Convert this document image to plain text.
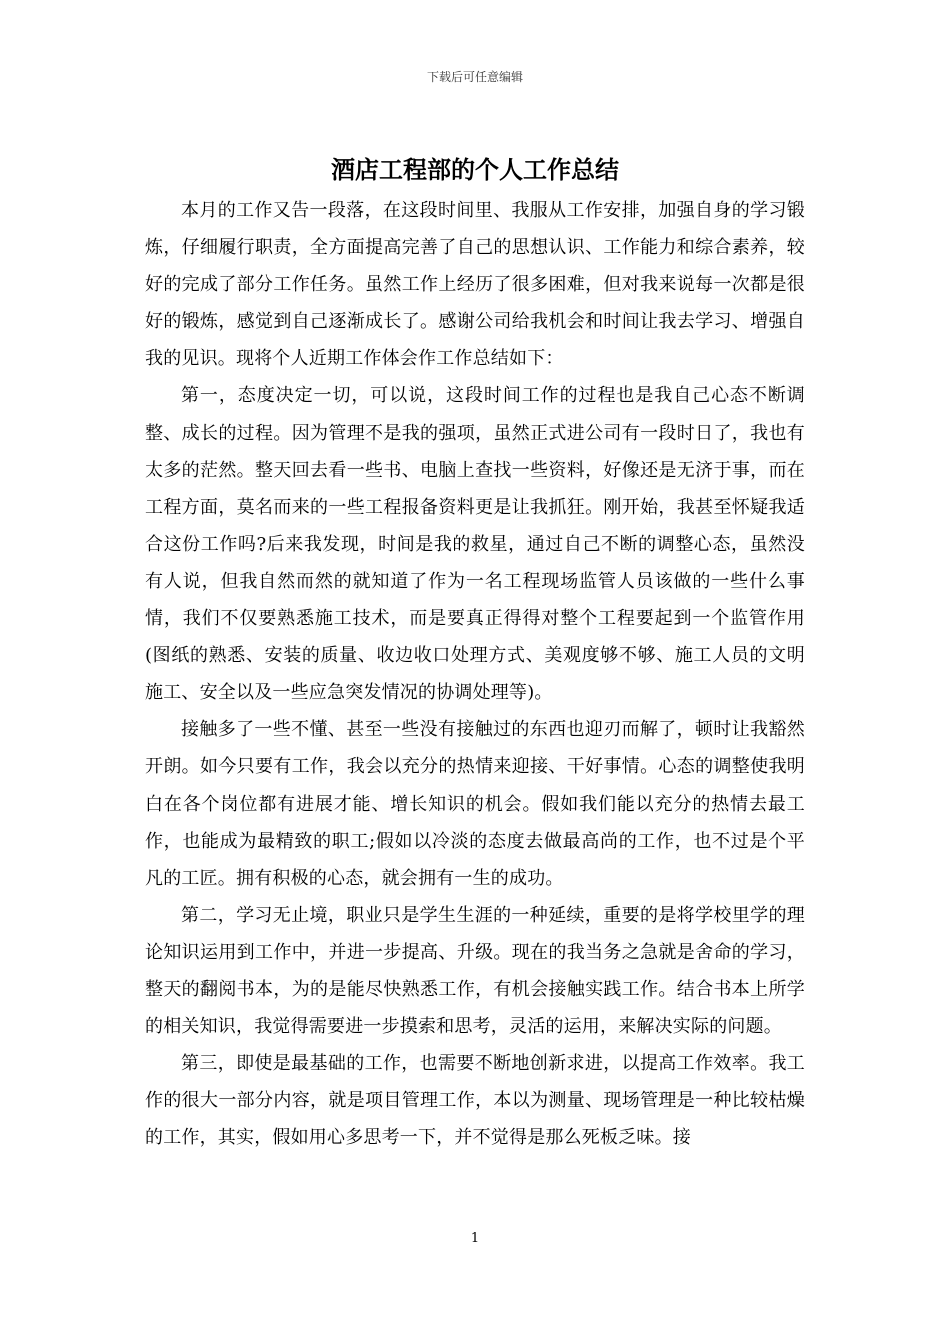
下载后可任意编辑
酒店工程部的个人工作总结

本月的工作又告一段落，在这段时间里、我服从工作安排，加强自身的学习锻炼，仔细履行职责，全方面提高完善了自己的思想认识、工作能力和综合素养，较好的完成了部分工作任务。虽然工作上经历了很多困难，但对我来说每一次都是很好的锻炼，感觉到自己逐渐成长了。感谢公司给我机会和时间让我去学习、增强自我的见识。现将个人近期工作体会作工作总结如下：

第一，态度决定一切，可以说，这段时间工作的过程也是我自己心态不断调整、成长的过程。因为管理不是我的强项，虽然正式进公司有一段时日了，我也有太多的茫然。整天回去看一些书、电脑上查找一些资料，好像还是无济于事，而在工程方面，莫名而来的一些工程报备资料更是让我抓狂。刚开始，我甚至怀疑我适合这份工作吗?后来我发现，时间是我的救星，通过自己不断的调整心态，虽然没有人说，但我自然而然的就知道了作为一名工程现场监管人员该做的一些什么事情，我们不仅要熟悉施工技术，而是要真正得得对整个工程要起到一个监管作用(图纸的熟悉、安装的质量、收边收口处理方式、美观度够不够、施工人员的文明施工、安全以及一些应急突发情况的协调处理等)。

接触多了一些不懂、甚至一些没有接触过的东西也迎刃而解了，顿时让我豁然开朗。如今只要有工作，我会以充分的热情来迎接、干好事情。心态的调整使我明白在各个岗位都有进展才能、增长知识的机会。假如我们能以充分的热情去最工作，也能成为最精致的职工;假如以冷淡的态度去做最高尚的工作，也不过是个平凡的工匠。拥有积极的心态，就会拥有一生的成功。

第二，学习无止境，职业只是学生生涯的一种延续，重要的是将学校里学的理论知识运用到工作中，并进一步提高、升级。现在的我当务之急就是舍命的学习，整天的翻阅书本，为的是能尽快熟悉工作，有机会接触实践工作。结合书本上所学的相关知识，我觉得需要进一步摸索和思考，灵活的运用，来解决实际的问题。

第三，即使是最基础的工作，也需要不断地创新求进，以提高工作效率。我工作的很大一部分内容，就是项目管理工作，本以为测量、现场管理是一种比较枯燥的工作，其实，假如用心多思考一下，并不觉得是那么死板乏味。接

1
